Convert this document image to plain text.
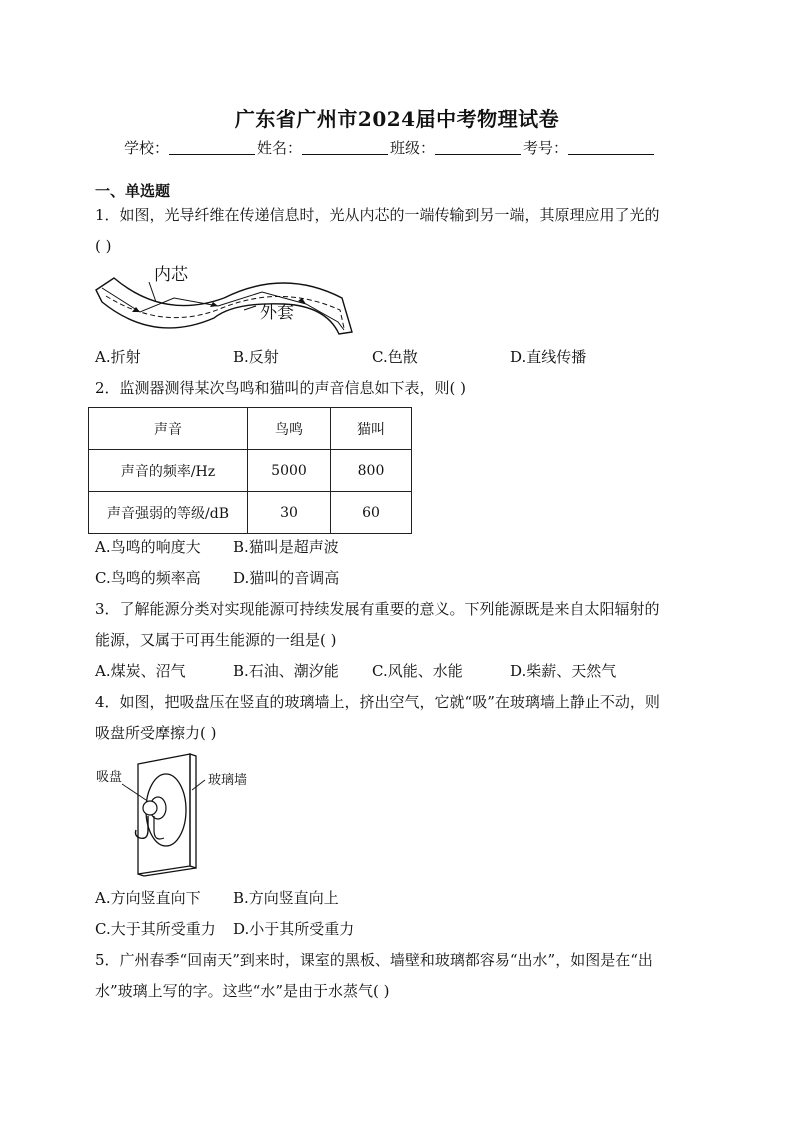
广东省广州市2024届中考物理试卷
学校：	姓名：	班级：	考号：
一、单选题
1．如图，光导纤维在传递信息时，光从内芯的一端传输到另一端，其原理应用了光的
( )
内芯
外套
A.折射	B.反射	C.色散	D.直线传播
2．监测器测得某次鸟鸣和猫叫的声音信息如下表，则( )
声音	鸟鸣	猫叫
声音的频率/Hz	5000	800
声音强弱的等级/dB	30	60
A.鸟鸣的响度大 B.猫叫是超声波
C.鸟鸣的频率高 D.猫叫的音调高
3．了解能源分类对实现能源可持续发展有重要的意义。下列能源既是来自太阳辐射的
能源，又属于可再生能源的一组是( )
A.煤炭、沼气	B.石油、潮汐能 C.风能、水能	D.柴薪、天然气
4．如图，把吸盘压在竖直的玻璃墙上，挤出空气，它就“吸”在玻璃墙上静止不动，则
吸盘所受摩擦力( )
吸盘	玻璃墙
A.方向竖直向下 B.方向竖直向上
C.大于其所受重力 D.小于其所受重力
5．广州春季“回南天”到来时，课室的黑板、墙壁和玻璃都容易“出水”，如图是在“出
水”玻璃上写的字。这些“水”是由于水蒸气( )
